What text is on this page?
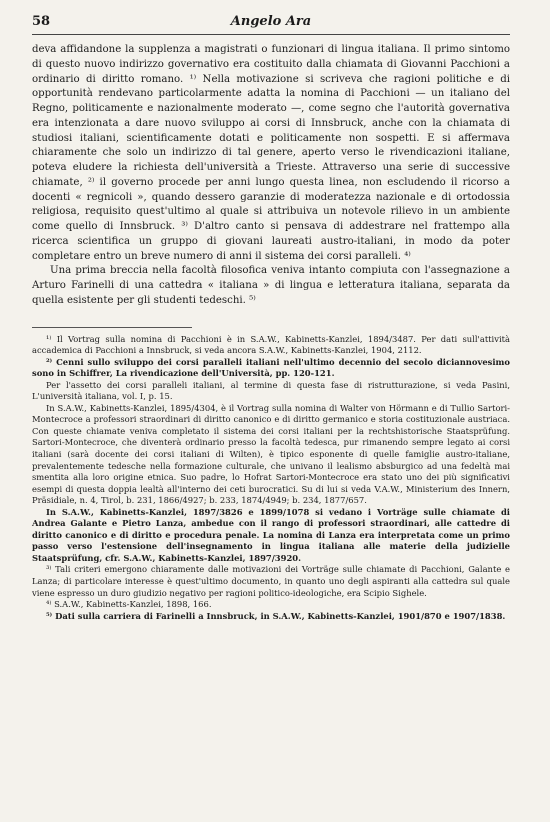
58	Angelo Ara

deva affidandone la supplenza a magistrati o funzionari di lingua italiana. Il primo sintomo di questo nuovo indirizzo governativo era costituito dalla chiamata di Giovanni Pacchioni a ordinario di diritto romano. ¹⁾ Nella motivazione si scriveva che ragioni politiche e di opportunità rendevano particolarmente adatta la nomina di Pacchioni — un italiano del Regno, politicamente e nazionalmente moderato —, come segno che l'autorità governativa era intenzionata a dare nuovo sviluppo ai corsi di Innsbruck, anche con la chiamata di studiosi italiani, scientificamente dotati e politicamente non sospetti. E si affermava chiaramente che solo un indirizzo di tal genere, aperto verso le rivendicazioni italiane, poteva eludere la richiesta dell'università a Trieste. Attraverso una serie di successive chiamate, ²⁾ il governo procede per anni lungo questa linea, non escludendo il ricorso a docenti « regnicoli », quando dessero garanzie di moderatezza nazionale e di ortodossia religiosa, requisito quest'ultimo al quale si attribuiva un notevole rilievo in un ambiente come quello di Innsbruck. ³⁾ D'altro canto si pensava di addestrare nel frattempo alla ricerca scientifica un gruppo di giovani laureati austro-italiani, in modo da poter completare entro un breve numero di anni il sistema dei corsi paralleli. ⁴⁾

Una prima breccia nella facoltà filosofica veniva intanto compiuta con l'assegnazione a Arturo Farinelli di una cattedra « italiana » di lingua e letteratura italiana, separata da quella esistente per gli studenti tedeschi. ⁵⁾

¹⁾ Il Vortrag sulla nomina di Pacchioni è in S.A.W., Kabinetts-Kanzlei, 1894/3487. Per dati sull'attività accademica di Pacchioni a Innsbruck, si veda ancora S.A.W., Kabinetts-Kanzlei, 1904, 2112.

²⁾ Cenni sullo sviluppo dei corsi paralleli italiani nell'ultimo decennio del secolo diciannovesimo sono in Schiffrer, La rivendicazione dell'Università, pp. 120-121.

Per l'assetto dei corsi paralleli italiani, al termine di questa fase di ristrutturazione, si veda Pasini, L'università italiana, vol. I, p. 15.

In S.A.W., Kabinetts-Kanzlei, 1895/4304, è il Vortrag sulla nomina di Walter von Hörmann e di Tullio Sartori-Montecroce a professori straordinari di diritto canonico e di diritto germanico e storia costituzionale austriaca. Con queste chiamate veniva completato il sistema dei corsi italiani per la rechtshistorische Staatsprüfung. Sartori-Montecroce, che diventerà ordinario presso la facoltà tedesca, pur rimanendo sempre legato ai corsi italiani (sarà docente dei corsi italiani di Wilten), è tipico esponente di quelle famiglie austro-italiane, prevalentemente tedesche nella formazione culturale, che univano il lealismo absburgico ad una fedeltà mai smentita alla loro origine etnica. Suo padre, lo Hofrat Sartori-Montecroce era stato uno dei più significativi esempi di questa doppia lealtà all'interno dei ceti burocratici. Su di lui si veda V.A.W., Ministerium des Innern, Präsidiale, n. 4, Tirol, b. 231, 1866/4927; b. 233, 1874/4949; b. 234, 1877/657.

In S.A.W., Kabinetts-Kanzlei, 1897/3826 e 1899/1078 si vedano i Vorträge sulle chiamate di Andrea Galante e Pietro Lanza, ambedue con il rango di professori straordinari, alle cattedre di diritto canonico e di diritto e procedura penale. La nomina di Lanza era interpretata come un primo passo verso l'estensione dell'insegnamento in lingua italiana alle materie della judizielle Staatsprüfung, cfr. S.A.W., Kabinetts-Kanzlei, 1897/3920.

³⁾ Tali criteri emergono chiaramente dalle motivazioni dei Vorträge sulle chiamate di Pacchioni, Galante e Lanza; di particolare interesse è quest'ultimo documento, in quanto uno degli aspiranti alla cattedra sul quale viene espresso un duro giudizio negativo per ragioni politico-ideologiche, era Scipio Sighele.

⁴⁾ S.A.W., Kabinetts-Kanzlei, 1898, 166.

⁵⁾ Dati sulla carriera di Farinelli a Innsbruck, in S.A.W., Kabinetts-Kanzlei, 1901/870 e 1907/1838.
